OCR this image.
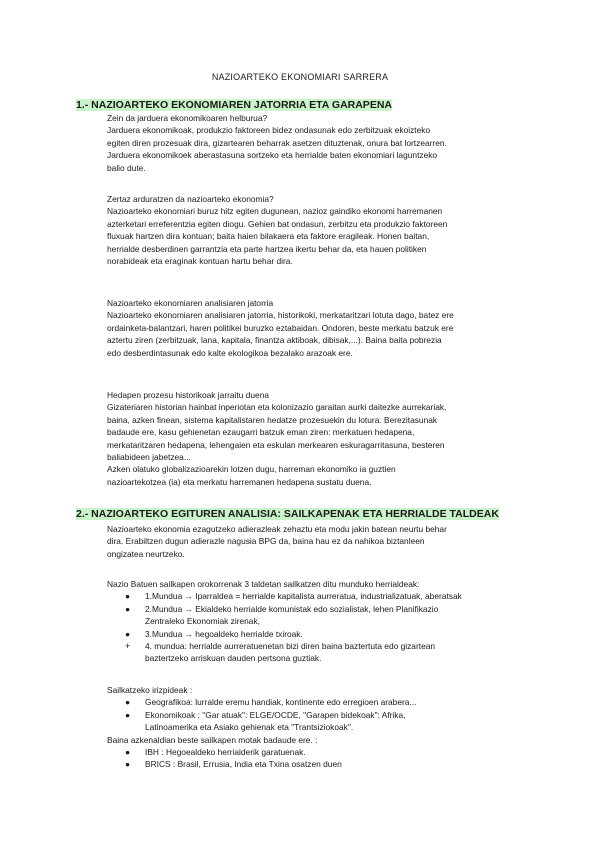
NAZIOARTEKO EKONOMIARI SARRERA
1.- NAZIOARTEKO EKONOMIAREN JATORRIA ETA GARAPENA

Zein da jarduera ekonomikoaren helburua?

Jarduera ekonomikoak, produkzio faktoreen bidez ondasunak edo zerbitzuak ekoizteko

egiten diren prozesuak dira, gizartearen beharrak asetzen dituztenak, onura bat lortzearren.

Jarduera ekonomikoek aberastasuna sortzeko eta herrialde baten ekonomiari laguntzeko

balio dute.

Zertaz arduratzen da nazioarteko ekonomia?

Nazioarteko ekonomiari buruz hitz egiten dugunean, nazioz gaindiko ekonomi harremanen

azterketari erreferentzia egiten diogu. Gehien bat ondasun, zerbitzu eta produkzio faktoreen

fluxuak hartzen dira kontuan; baita haien bilakaera eta faktore eragileak. Honen baitan,

herrialde desberdinen garrantzia eta parte hartzea ikertu behar da, eta hauen politiken

norabideak eta eraginak kontuan hartu behar dira.

Nazioarteko ekonomiaren analisiaren jatorria

Nazioarteko ekonomiaren analisiaren jatorria, historikoki, merkataritzari lotuta dago, batez ere

ordainketa-balantzari, haren politikei buruzko eztabaidan. Ondoren, beste merkatu batzuk ere

aztertu ziren (zerbitzuak, lana, kapitala, finantza aktiboak, dibisak,...). Baina baita pobrezia

edo desberdintasunak edo kalte ekologikoa bezalako arazoak ere.

Hedapen prozesu historikoak jarraitu duena

Gizateriaren historian hainbat inperiotan eta kolonizazio garaitan aurki daitezke aurrekariak,

baina, azken finean, sistema kapitalistaren hedatze prozesuekin du lotura. Berezitasunak

badaude ere, kasu gehienetan ezaugarri batzuk eman ziren: merkatuen hedapena,

merkataritzaren hedapena, lehengaien eta eskulan merkearen eskuragarritasuna, besteren

baliabideen jabetzea...

Azken olatuko globalizazioarekin lotzen dugu, harreman ekonomiko ia guztien

nazioartekotzea (ia) eta merkatu harremanen hedapena sustatu duena.

2.- NAZIOARTEKO EGITUREN ANALISIA: SAILKAPENAK ETA HERRIALDE TALDEAK

Nazioarteko ekonomia ezagutzeko adierazleak zehaztu eta modu jakin batean neurtu behar

dira. Erabiltzen dugun adierazle nagusia BPG da, baina hau ez da nahikoa biztanleen

ongizatea neurtzeko.

Nazio Batuen sailkapen orokorrenak 3 taldetan sailkatzen ditu munduko herrialdeak:

●	1.Mundua → Iparraldea = herrialde kapitalista aurreratua, industrializatuak, aberatsak
●	2.Mundua → Ekialdeko herrialde komunistak edo sozialistak, lehen Planifikazio
Zentraleko Ekonomiak zirenak,
●	3.Mundua → hegoaldeko herrialde txiroak.
+	4. mundua: herrialde aurreratuenetan bizi diren baina baztertuta edo gizartean
baztertzeko arriskuan dauden pertsona guztiak.

Sailkatzeko irizpideak :

●	Geografikoa: lurralde eremu handiak, kontinente edo erregioen arabera...
●	Ekonomikoak : "Gar atuak": ELGE/OCDE, "Garapen bidekoak": Afrika,
Latinoamerika eta Asiako gehienak eta "Trantsiziokoak".

Baina azkenaldian beste sailkapen motak badaude ere. :

●	IBH : Hegoealdeko herrialderik garatuenak.
●	BRICS : Brasil, Errusia, India eta Txina osatzen duen
